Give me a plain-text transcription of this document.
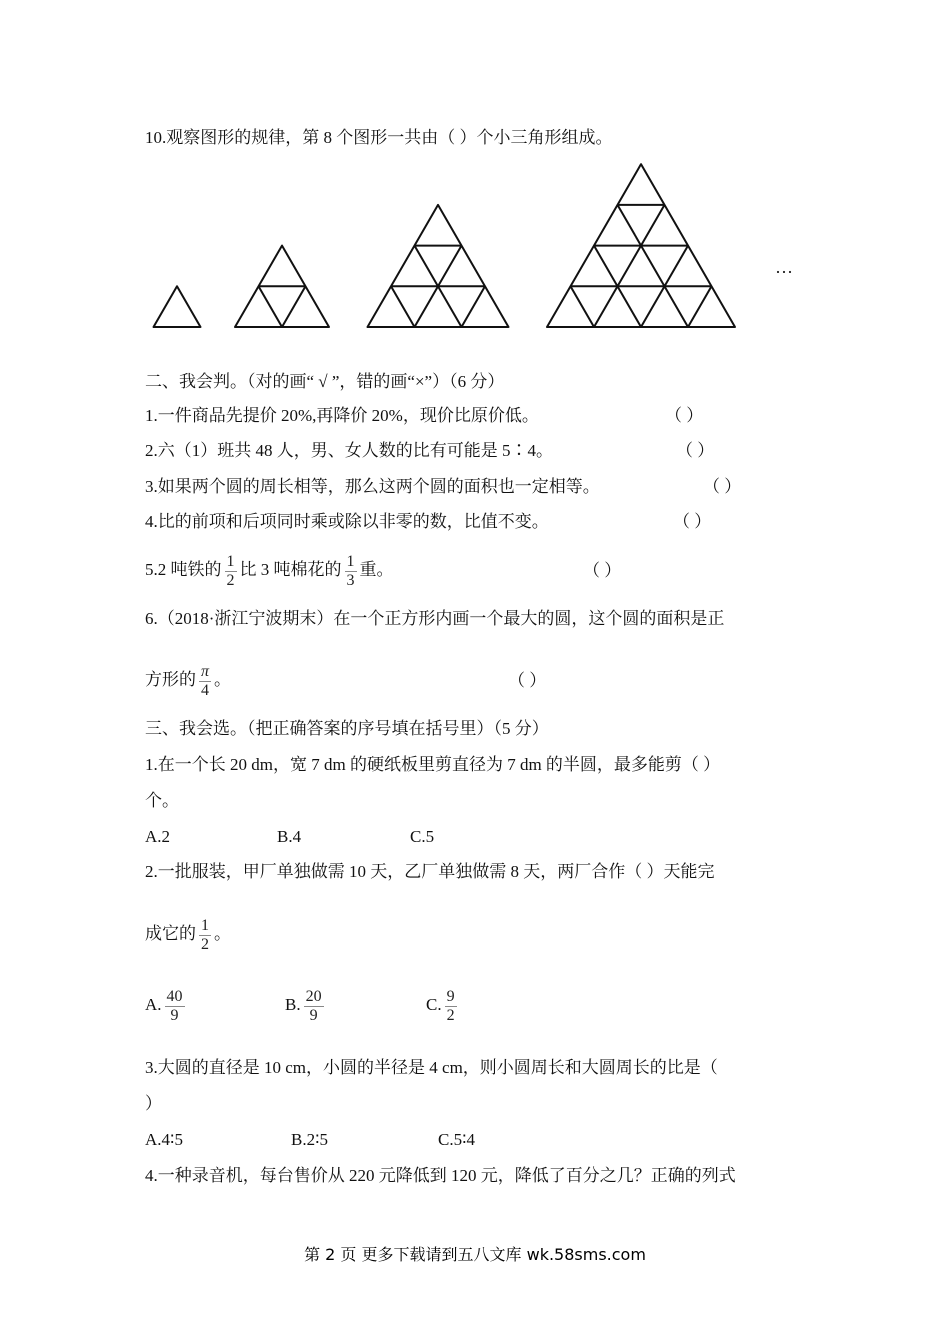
10.观察图形的规律，第 8 个图形一共由（ ）个小三角形组成。
···
二、我会判。（对的画“ √ ”，错的画“×”）（6 分）
1.一件商品先提价 20%,再降价 20%，现价比原价低。	（ ）
2.六（1）班共 48 人，男、女人数的比有可能是 5∶4。	（ ）
3.如果两个圆的周长相等，那么这两个圆的面积也一定相等。	（ ）
4.比的前项和后项同时乘或除以非零的数，比值不变。	（ ）
5.2 吨铁的 $\frac{1}{2}$ 比 3 吨棉花的 $\frac{1}{3}$ 重。	（ ）
6.（2018·浙江宁波期末）在一个正方形内画一个最大的圆，这个圆的面积是正
方形的 $\frac{\pi}{4}$ 。	（ ）
三、我会选。（把正确答案的序号填在括号里）（5 分）
1.在一个长 20 dm，宽 7 dm 的硬纸板里剪直径为 7 dm 的半圆，最多能剪（ ）
个。
A.2	B.4	C.5
2.一批服装，甲厂单独做需 10 天，乙厂单独做需 8 天，两厂合作（ ）天能完
成它的 $\frac{1}{2}$ 。
A. $\frac{40}{9}$	B. $\frac{20}{9}$	C. $\frac{9}{2}$
3.大圆的直径是 10 cm，小圆的半径是 4 cm，则小圆周长和大圆周长的比是（
）
A.4∶5	B.2∶5	C.5∶4
4.一种录音机，每台售价从 220 元降低到 120 元，降低了百分之几？正确的列式
第 2 页 更多下载请到五八文库 wk.58sms.com
